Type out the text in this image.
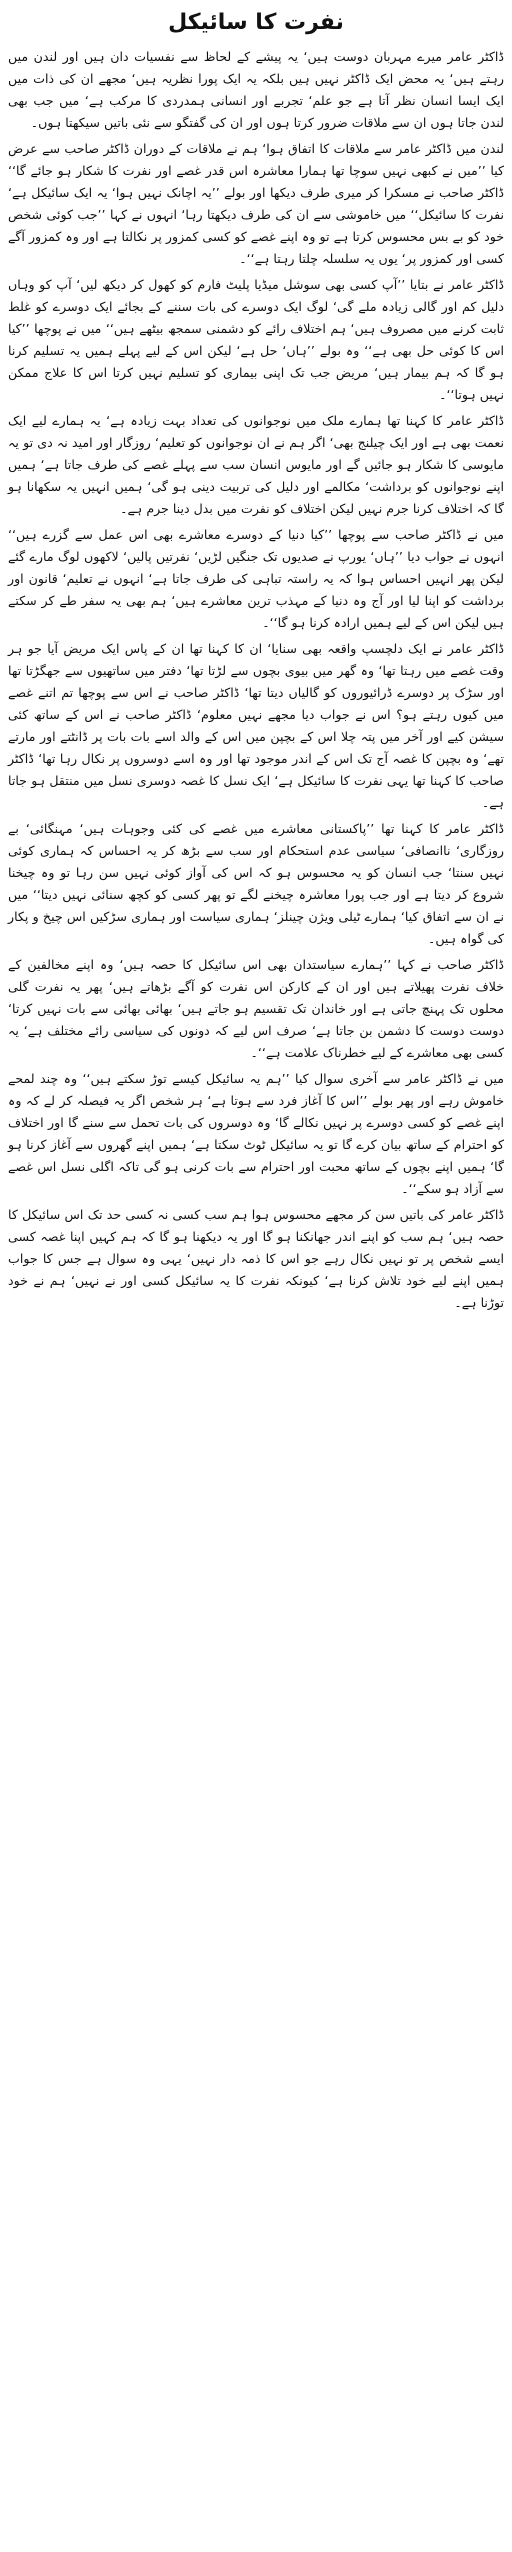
نفرت کا سائیکل

ڈاکٹر عامر میرے مہربان دوست ہیں‘ یہ پیشے کے لحاظ سے نفسیات دان ہیں اور لندن میں رہتے ہیں‘ یہ محض ایک ڈاکٹر نہیں ہیں بلکہ یہ ایک پورا نظریہ ہیں‘ مجھے ان کی ذات میں ایک ایسا انسان نظر آتا ہے جو علم‘ تجربے اور انسانی ہمدردی کا مرکب ہے‘ میں جب بھی لندن جاتا ہوں ان سے ملاقات ضرور کرتا ہوں اور ان کی گفتگو سے نئی باتیں سیکھتا ہوں۔

لندن میں ڈاکٹر عامر سے ملاقات کا اتفاق ہوا‘ ہم نے ملاقات کے دوران ڈاکٹر صاحب سے عرض کیا ’’میں نے کبھی نہیں سوچا تھا ہمارا معاشرہ اس قدر غصے اور نفرت کا شکار ہو جائے گا‘‘ ڈاکٹر صاحب نے مسکرا کر میری طرف دیکھا اور بولے ’’یہ اچانک نہیں ہوا‘ یہ ایک سائیکل ہے‘ نفرت کا سائیکل‘‘ میں خاموشی سے ان کی طرف دیکھتا رہا‘ انہوں نے کہا ’’جب کوئی شخص خود کو بے بس محسوس کرتا ہے تو وہ اپنے غصے کو کسی کمزور پر نکالتا ہے اور وہ کمزور آگے کسی اور کمزور پر‘ یوں یہ سلسلہ چلتا رہتا ہے‘‘۔

ڈاکٹر عامر نے بتایا ’’آپ کسی بھی سوشل میڈیا پلیٹ فارم کو کھول کر دیکھ لیں‘ آپ کو وہاں دلیل کم اور گالی زیادہ ملے گی‘ لوگ ایک دوسرے کی بات سننے کے بجائے ایک دوسرے کو غلط ثابت کرنے میں مصروف ہیں‘ ہم اختلاف رائے کو دشمنی سمجھ بیٹھے ہیں‘‘ میں نے پوچھا ’’کیا اس کا کوئی حل بھی ہے‘‘ وہ بولے ’’ہاں‘ حل ہے‘ لیکن اس کے لیے پہلے ہمیں یہ تسلیم کرنا ہو گا کہ ہم بیمار ہیں‘ مریض جب تک اپنی بیماری کو تسلیم نہیں کرتا اس کا علاج ممکن نہیں ہوتا‘‘۔

ڈاکٹر عامر کا کہنا تھا ہمارے ملک میں نوجوانوں کی تعداد بہت زیادہ ہے‘ یہ ہمارے لیے ایک نعمت بھی ہے اور ایک چیلنج بھی‘ اگر ہم نے ان نوجوانوں کو تعلیم‘ روزگار اور امید نہ دی تو یہ مایوسی کا شکار ہو جائیں گے اور مایوس انسان سب سے پہلے غصے کی طرف جاتا ہے‘ ہمیں اپنے نوجوانوں کو برداشت‘ مکالمے اور دلیل کی تربیت دینی ہو گی‘ ہمیں انہیں یہ سکھانا ہو گا کہ اختلاف کرنا جرم نہیں لیکن اختلاف کو نفرت میں بدل دینا جرم ہے۔

میں نے ڈاکٹر صاحب سے پوچھا ’’کیا دنیا کے دوسرے معاشرے بھی اس عمل سے گزرے ہیں‘‘ انہوں نے جواب دیا ’’ہاں‘ یورپ نے صدیوں تک جنگیں لڑیں‘ نفرتیں پالیں‘ لاکھوں لوگ مارے گئے لیکن پھر انہیں احساس ہوا کہ یہ راستہ تباہی کی طرف جاتا ہے‘ انہوں نے تعلیم‘ قانون اور برداشت کو اپنا لیا اور آج وہ دنیا کے مہذب ترین معاشرے ہیں‘ ہم بھی یہ سفر طے کر سکتے ہیں لیکن اس کے لیے ہمیں ارادہ کرنا ہو گا‘‘۔

ڈاکٹر عامر نے ایک دلچسپ واقعہ بھی سنایا‘ ان کا کہنا تھا ان کے پاس ایک مریض آیا جو ہر وقت غصے میں رہتا تھا‘ وہ گھر میں بیوی بچوں سے لڑتا تھا‘ دفتر میں ساتھیوں سے جھگڑتا تھا اور سڑک پر دوسرے ڈرائیوروں کو گالیاں دیتا تھا‘ ڈاکٹر صاحب نے اس سے پوچھا تم اتنے غصے میں کیوں رہتے ہو؟ اس نے جواب دیا مجھے نہیں معلوم‘ ڈاکٹر صاحب نے اس کے ساتھ کئی سیشن کیے اور آخر میں پتہ چلا اس کے بچپن میں اس کے والد اسے بات بات پر ڈانٹتے اور مارتے تھے‘ وہ بچپن کا غصہ آج تک اس کے اندر موجود تھا اور وہ اسے دوسروں پر نکال رہا تھا‘ ڈاکٹر صاحب کا کہنا تھا یہی نفرت کا سائیکل ہے‘ ایک نسل کا غصہ دوسری نسل میں منتقل ہو جاتا ہے۔

ڈاکٹر عامر کا کہنا تھا ’’پاکستانی معاشرے میں غصے کی کئی وجوہات ہیں‘ مہنگائی‘ بے روزگاری‘ ناانصافی‘ سیاسی عدم استحکام اور سب سے بڑھ کر یہ احساس کہ ہماری کوئی نہیں سنتا‘ جب انسان کو یہ محسوس ہو کہ اس کی آواز کوئی نہیں سن رہا تو وہ چیخنا شروع کر دیتا ہے اور جب پورا معاشرہ چیخنے لگے تو پھر کسی کو کچھ سنائی نہیں دیتا‘‘ میں نے ان سے اتفاق کیا‘ ہمارے ٹیلی ویژن چینلز‘ ہماری سیاست اور ہماری سڑکیں اس چیخ و پکار کی گواہ ہیں۔

ڈاکٹر صاحب نے کہا ’’ہمارے سیاستدان بھی اس سائیکل کا حصہ ہیں‘ وہ اپنے مخالفین کے خلاف نفرت پھیلاتے ہیں اور ان کے کارکن اس نفرت کو آگے بڑھاتے ہیں‘ پھر یہ نفرت گلی محلوں تک پہنچ جاتی ہے اور خاندان تک تقسیم ہو جاتے ہیں‘ بھائی بھائی سے بات نہیں کرتا‘ دوست دوست کا دشمن بن جاتا ہے‘ صرف اس لیے کہ دونوں کی سیاسی رائے مختلف ہے‘ یہ کسی بھی معاشرے کے لیے خطرناک علامت ہے‘‘۔

میں نے ڈاکٹر عامر سے آخری سوال کیا ’’ہم یہ سائیکل کیسے توڑ سکتے ہیں‘‘ وہ چند لمحے خاموش رہے اور پھر بولے ’’اس کا آغاز فرد سے ہوتا ہے‘ ہر شخص اگر یہ فیصلہ کر لے کہ وہ اپنے غصے کو کسی دوسرے پر نہیں نکالے گا‘ وہ دوسروں کی بات تحمل سے سنے گا اور اختلاف کو احترام کے ساتھ بیان کرے گا تو یہ سائیکل ٹوٹ سکتا ہے‘ ہمیں اپنے گھروں سے آغاز کرنا ہو گا‘ ہمیں اپنے بچوں کے ساتھ محبت اور احترام سے بات کرنی ہو گی تاکہ اگلی نسل اس غصے سے آزاد ہو سکے‘‘۔

ڈاکٹر عامر کی باتیں سن کر مجھے محسوس ہوا ہم سب کسی نہ کسی حد تک اس سائیکل کا حصہ ہیں‘ ہم سب کو اپنے اندر جھانکنا ہو گا اور یہ دیکھنا ہو گا کہ ہم کہیں اپنا غصہ کسی ایسے شخص پر تو نہیں نکال رہے جو اس کا ذمہ دار نہیں‘ یہی وہ سوال ہے جس کا جواب ہمیں اپنے لیے خود تلاش کرنا ہے‘ کیونکہ نفرت کا یہ سائیکل کسی اور نے نہیں‘ ہم نے خود توڑنا ہے۔
